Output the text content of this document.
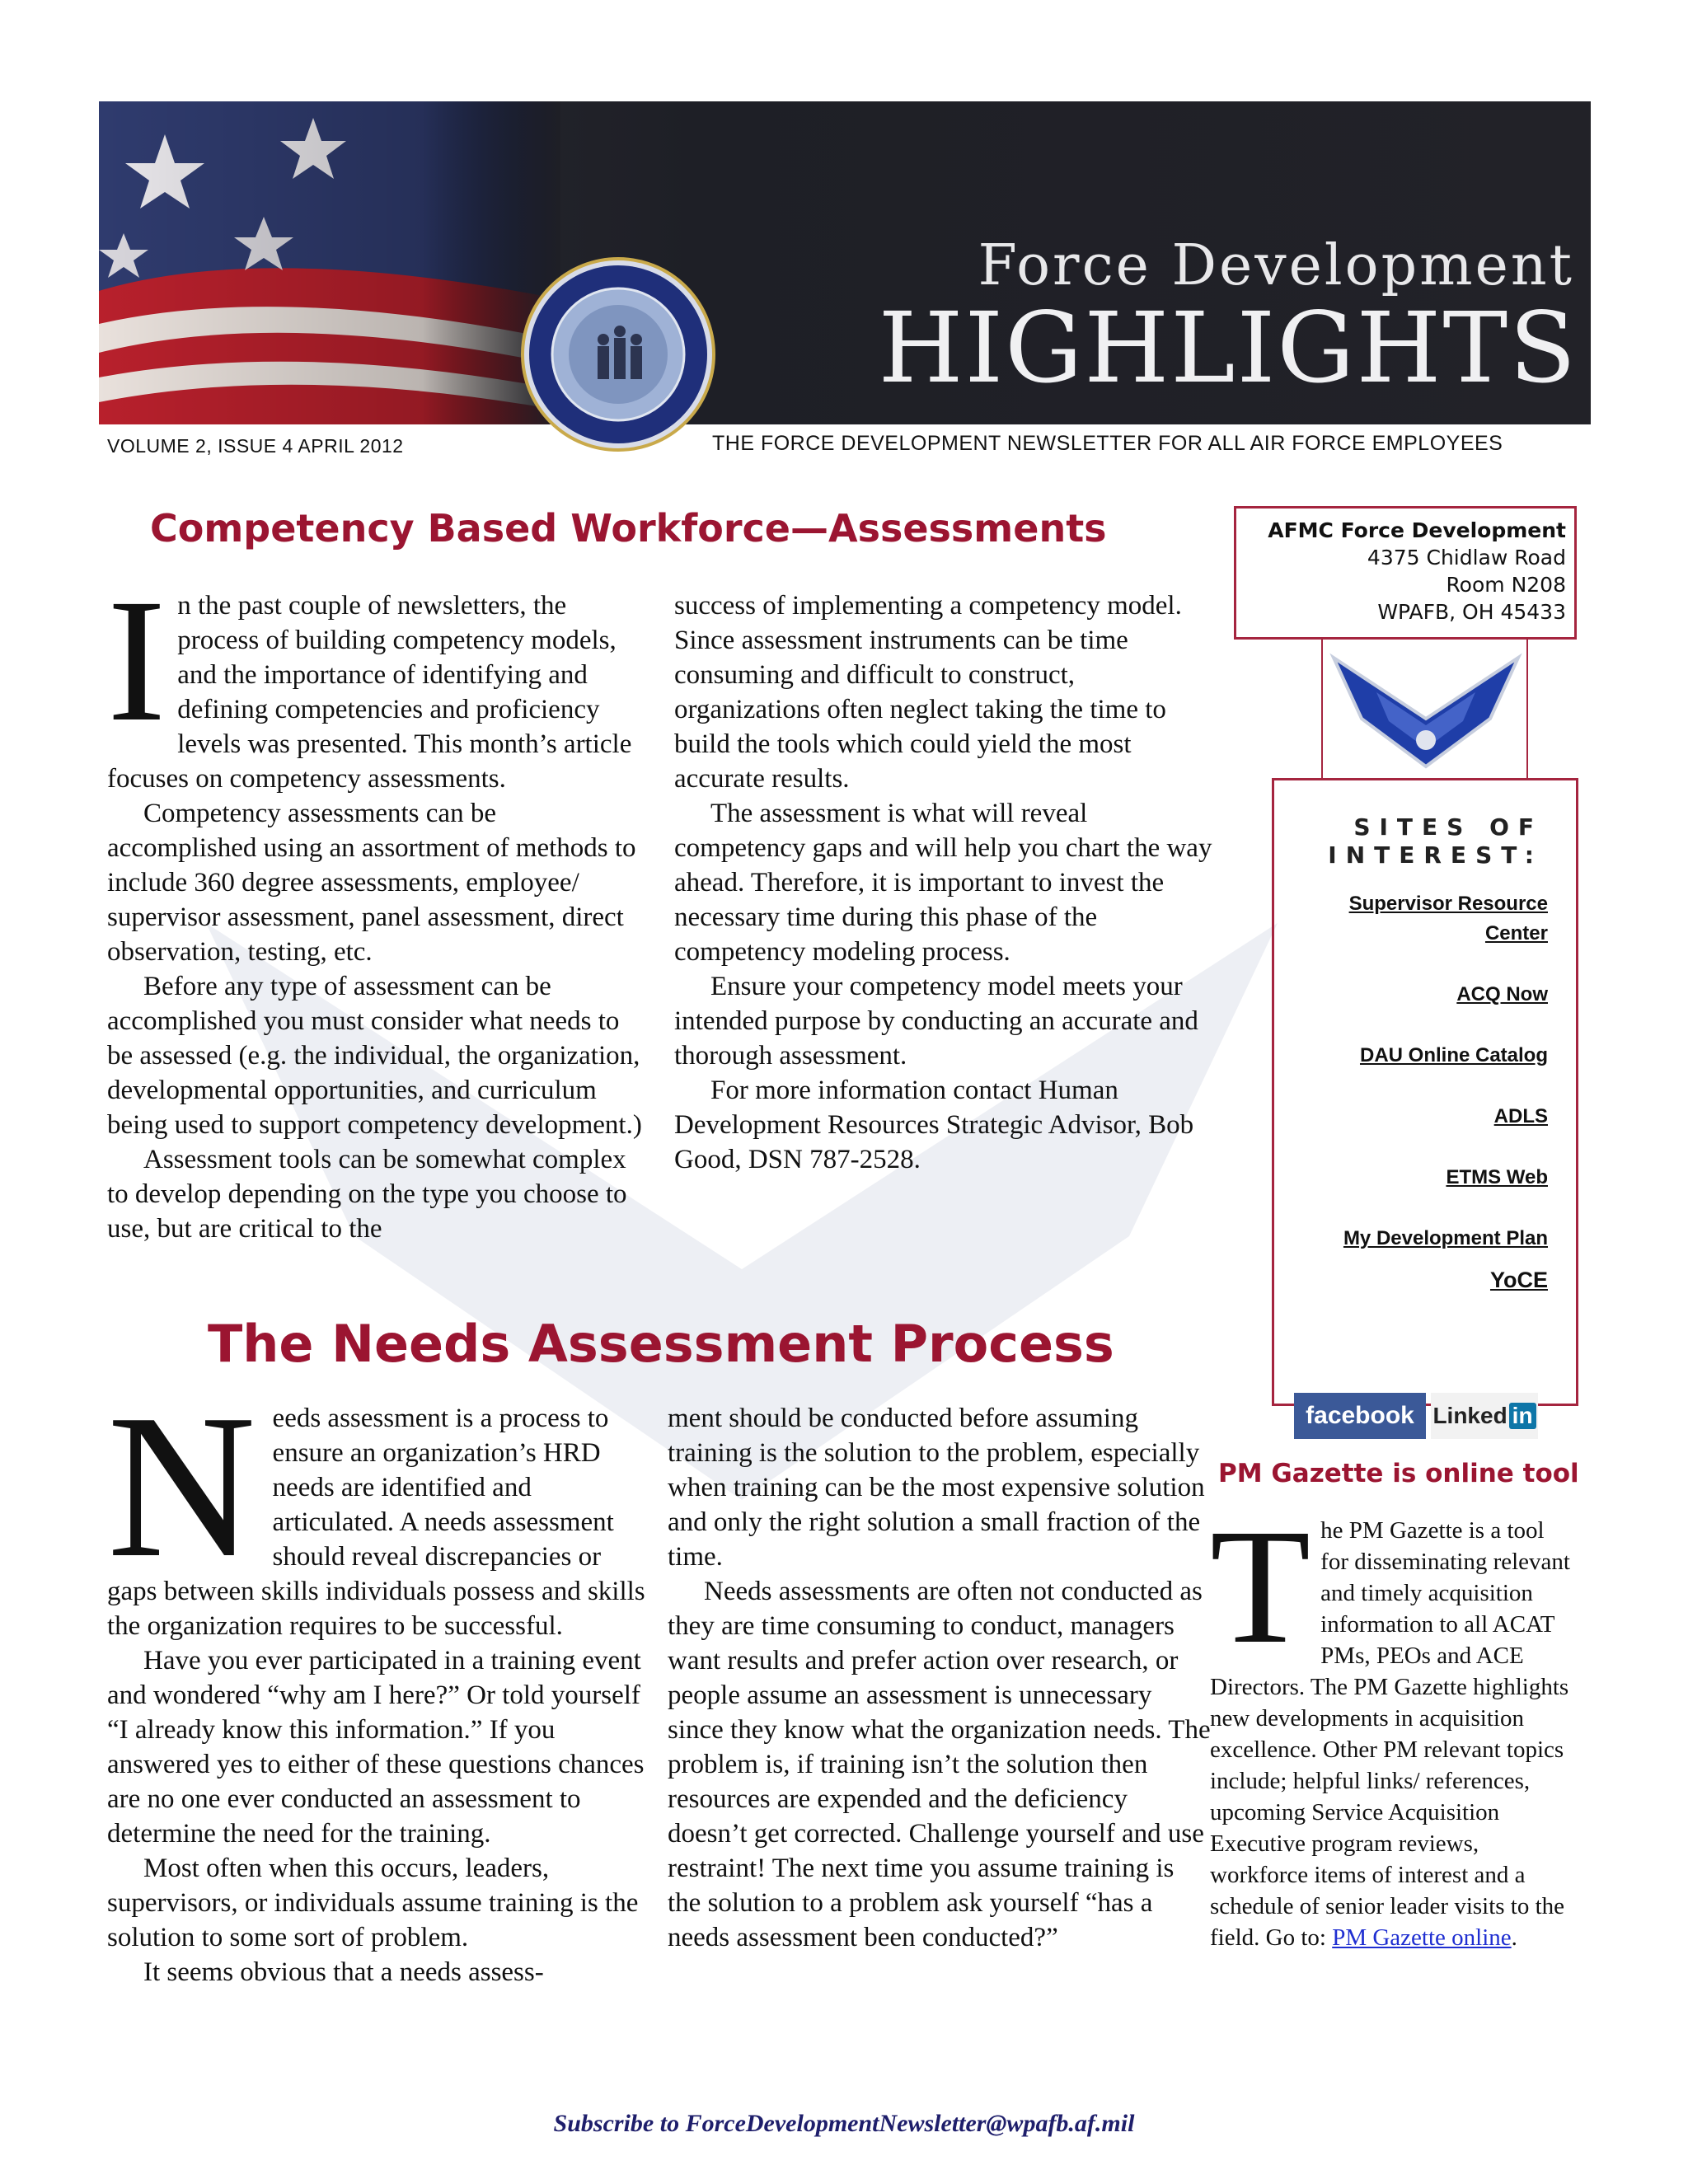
Force Development
HIGHLIGHTS
VOLUME 2, ISSUE 4 APRIL 2012	THE FORCE DEVELOPMENT NEWSLETTER FOR ALL AIR FORCE EMPLOYEES
Competency Based Workforce—Assessments
I n the past couple of newsletters, the process of building competency models, and the importance of identifying and defining competencies and proficiency levels was presented. This month’s article focuses on competency assessments.

Competency assessments can be accomplished using an assortment of methods to include 360 degree assessments, employee/ supervisor assessment, panel assessment, direct observation, testing, etc.

Before any type of assessment can be accomplished you must consider what needs to be assessed (e.g. the individual, the organization, developmental opportunities, and curriculum being used to support competency development.)

Assessment tools can be somewhat complex to develop depending on the type you choose to use, but are critical to the

success of implementing a competency model. Since assessment instruments can be time consuming and difficult to construct, organizations often neglect taking the time to build the tools which could yield the most accurate results.

The assessment is what will reveal competency gaps and will help you chart the way ahead. Therefore, it is important to invest the necessary time during this phase of the competency modeling process.

Ensure your competency model meets your intended purpose by conducting an accurate and thorough assessment.

For more information contact Human Development Resources Strategic Advisor, Bob Good, DSN 787-2528.

The Needs Assessment Process
N eeds assessment is a process to ensure an organization’s HRD needs are identified and articulated. A needs assessment should reveal discrepancies or gaps between skills individuals possess and skills the organization requires to be successful.

Have you ever participated in a training event and wondered “why am I here?” Or told yourself “I already know this information.” If you answered yes to either of these questions chances are no one ever conducted an assessment to determine the need for the training.

Most often when this occurs, leaders, supervisors, or individuals assume training is the solution to some sort of problem.

It seems obvious that a needs assess-

ment should be conducted before assuming training is the solution to the problem, especially when training can be the most expensive solution and only the right solution a small fraction of the time.

Needs assessments are often not conducted as they are time consuming to conduct, managers want results and prefer action over research, or people assume an assessment is unnecessary since they know what the organization needs. The problem is, if training isn’t the solution then resources are expended and the deficiency doesn’t get corrected. Challenge yourself and use restraint! The next time you assume training is the solution to a problem ask yourself “has a needs assessment been conducted?”

AFMC Force Development
4375 Chidlaw Road
Room N208
WPAFB, OH 45433
SITES OF
INTEREST:
Supervisor Resource
Center
ACQ Now
DAU Online Catalog
ADLS
ETMS Web
My Development Plan
YoCE
facebook Linked in
PM Gazette is online tool
T he PM Gazette is a tool for disseminating relevant and timely acquisition information to all ACAT PMs, PEOs and ACE Directors. The PM Gazette highlights new developments in acquisition excellence. Other PM relevant topics include; helpful links/ references, upcoming Service Acquisition Executive program reviews, workforce items of interest and a schedule of senior leader visits to the field. Go to: PM Gazette online.

Subscribe to ForceDevelopmentNewsletter@wpafb.af.mil
